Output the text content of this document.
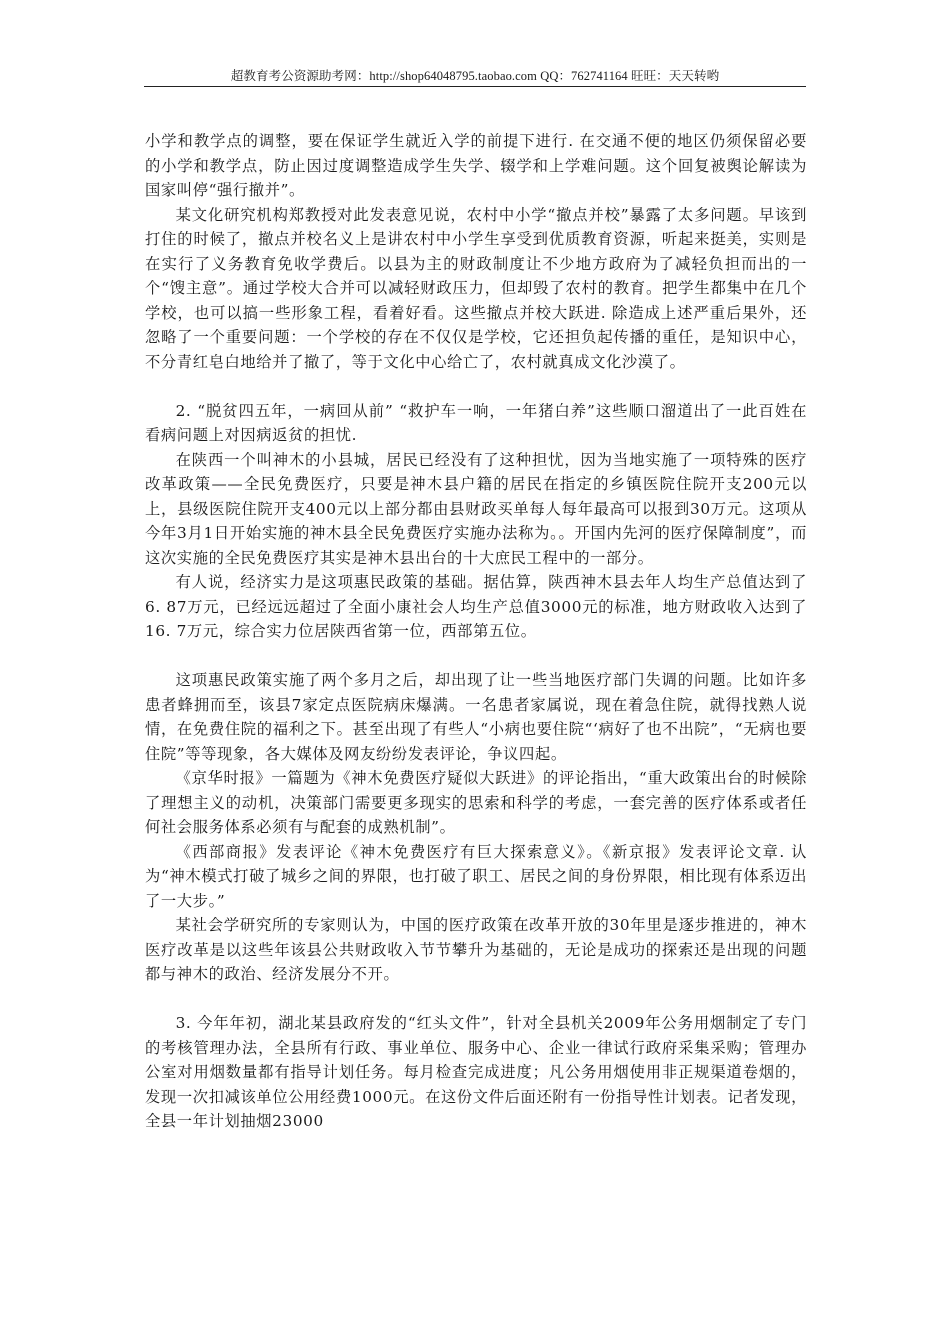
超教育考公资源助考网：http://shop64048795.taobao.com QQ：762741164 旺旺：天天转哟

小学和教学点的调整，要在保证学生就近入学的前提下进行. 在交通不便的地区仍须保留必要的小学和教学点，防止因过度调整造成学生失学、辍学和上学难问题。这个回复被舆论解读为国家叫停“强行撤并”。

某文化研究机构郑教授对此发表意见说，农村中小学“撤点并校”暴露了太多问题。早该到打住的时候了，撤点并校名义上是讲农村中小学生享受到优质教育资源，听起来挺美，实则是在实行了义务教育免收学费后。以县为主的财政制度让不少地方政府为了减轻负担而出的一个“馊主意”。通过学校大合并可以减轻财政压力，但却毁了农村的教育。把学生都集中在几个学校，也可以搞一些形象工程，看着好看。这些撤点并校大跃进. 除造成上述严重后果外，还忽略了一个重要问题：一个学校的存在不仅仅是学校，它还担负起传播的重任，是知识中心，不分青红皂白地给并了撤了，等于文化中心给亡了，农村就真成文化沙漠了。

2. “脱贫四五年，一病回从前” “救护车一响，一年猪白养”这些顺口溜道出了一此百姓在看病问题上对因病返贫的担忧.

在陕西一个叫神木的小县城，居民已经没有了这种担忧，因为当地实施了一项特殊的医疗改革政策——全民免费医疗，只要是神木县户籍的居民在指定的乡镇医院住院开支200元以上，县级医院住院开支400元以上部分都由县财政买单每人每年最高可以报到30万元。这项从今年3月1日开始实施的神木县全民免费医疗实施办法称为。。开国内先河的医疗保障制度”，而这次实施的全民免费医疗其实是神木县出台的十大庶民工程中的一部分。

有人说，经济实力是这项惠民政策的基础。据估算，陕西神木县去年人均生产总值达到了6. 87万元，已经远远超过了全面小康社会人均生产总值3000元的标准，地方财政收入达到了16. 7万元，综合实力位居陕西省第一位，西部第五位。

这项惠民政策实施了两个多月之后，却出现了让一些当地医疗部门失调的问题。比如许多患者蜂拥而至，该县7家定点医院病床爆满。一名患者家属说，现在着急住院，就得找熟人说情，在免费住院的福利之下。甚至出现了有些人“小病也要住院“‘病好了也不出院”，“无病也要住院”等等现象，各大媒体及网友纷纷发表评论，争议四起。

《京华时报》一篇题为《神木免费医疗疑似大跃进》的评论指出，“重大政策出台的时候除了理想主义的动机，决策部门需要更多现实的思索和科学的考虑，一套完善的医疗体系或者任何社会服务体系必须有与配套的成熟机制”。

《西部商报》发表评论《神木免费医疗有巨大探索意义》。《新京报》发表评论文章. 认为“神木模式打破了城乡之间的界限，也打破了职工、居民之间的身份界限，相比现有体系迈出了一大步。”

某社会学研究所的专家则认为，中国的医疗政策在改革开放的30年里是逐步推进的，神木医疗改革是以这些年该县公共财政收入节节攀升为基础的，无论是成功的探索还是出现的问题都与神木的政治、经济发展分不开。

3. 今年年初，湖北某县政府发的“红头文件”，针对全县机关2009年公务用烟制定了专门的考核管理办法，全县所有行政、事业单位、服务中心、企业一律试行政府采集采购；管理办公室对用烟数量都有指导计划任务。每月检查完成进度；凡公务用烟使用非正规渠道卷烟的，发现一次扣减该单位公用经费1000元。在这份文件后面还附有一份指导性计划表。记者发现，全县一年计划抽烟23000
